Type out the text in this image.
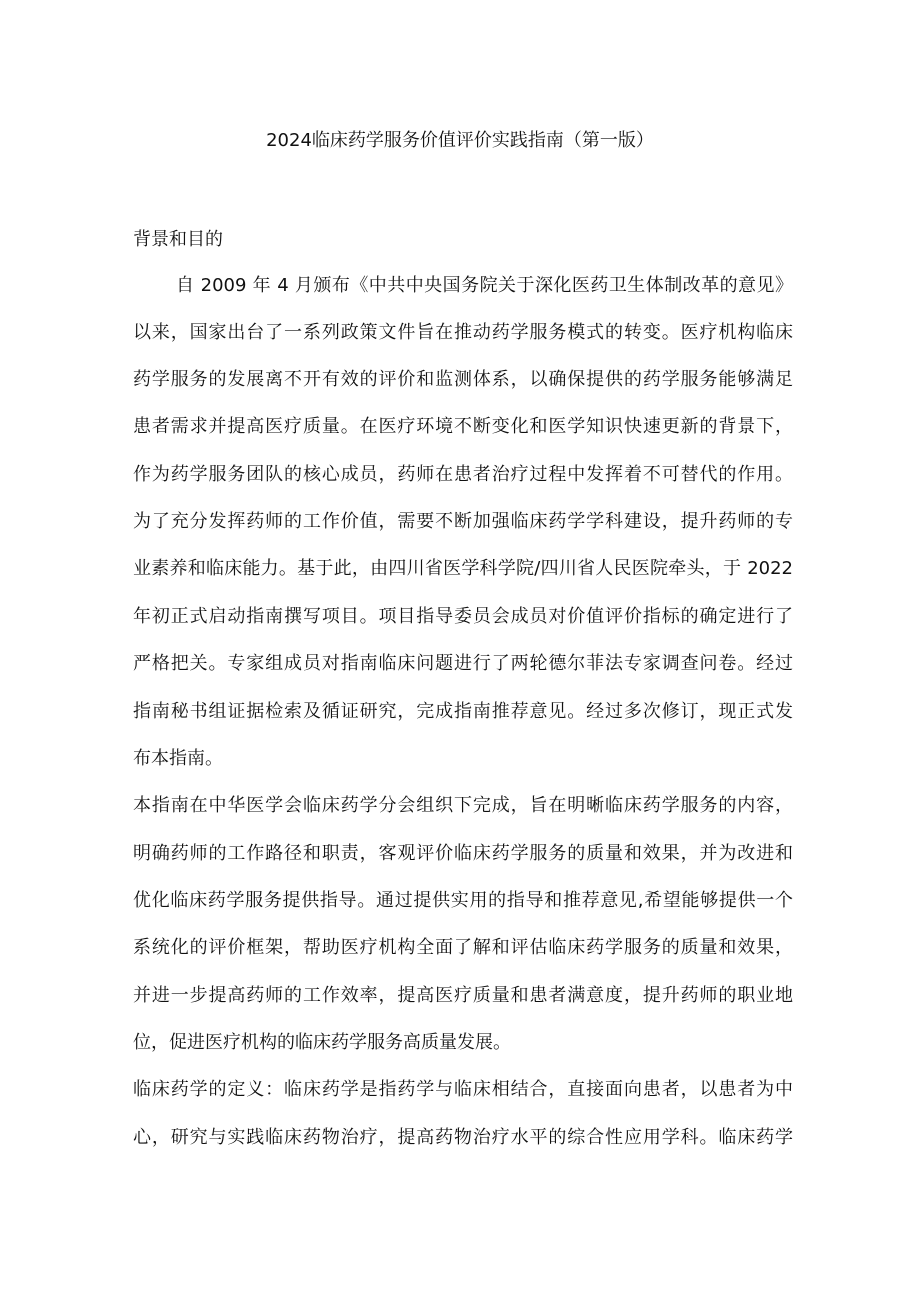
2024临床药学服务价值评价实践指南（第一版）
背景和目的
自 2009 年 4 月颁布《中共中央国务院关于深化医药卫生体制改革的意见》
以来，国家出台了一系列政策文件旨在推动药学服务模式的转变。医疗机构临床
药学服务的发展离不开有效的评价和监测体系，以确保提供的药学服务能够满足
患者需求并提高医疗质量。在医疗环境不断变化和医学知识快速更新的背景下，
作为药学服务团队的核心成员，药师在患者治疗过程中发挥着不可替代的作用。
为了充分发挥药师的工作价值，需要不断加强临床药学学科建设，提升药师的专
业素养和临床能力。基于此，由四川省医学科学院/四川省人民医院牵头，于 2022
年初正式启动指南撰写项目。项目指导委员会成员对价值评价指标的确定进行了
严格把关。专家组成员对指南临床问题进行了两轮德尔菲法专家调查问卷。经过
指南秘书组证据检索及循证研究，完成指南推荐意见。经过多次修订，现正式发
布本指南。
本指南在中华医学会临床药学分会组织下完成，旨在明晰临床药学服务的内容，
明确药师的工作路径和职责，客观评价临床药学服务的质量和效果，并为改进和
优化临床药学服务提供指导。通过提供实用的指导和推荐意见,希望能够提供一个
系统化的评价框架，帮助医疗机构全面了解和评估临床药学服务的质量和效果，
并进一步提高药师的工作效率，提高医疗质量和患者满意度，提升药师的职业地
位，促进医疗机构的临床药学服务高质量发展。
临床药学的定义：临床药学是指药学与临床相结合，直接面向患者，以患者为中
心，研究与实践临床药物治疗，提高药物治疗水平的综合性应用学科。临床药学
